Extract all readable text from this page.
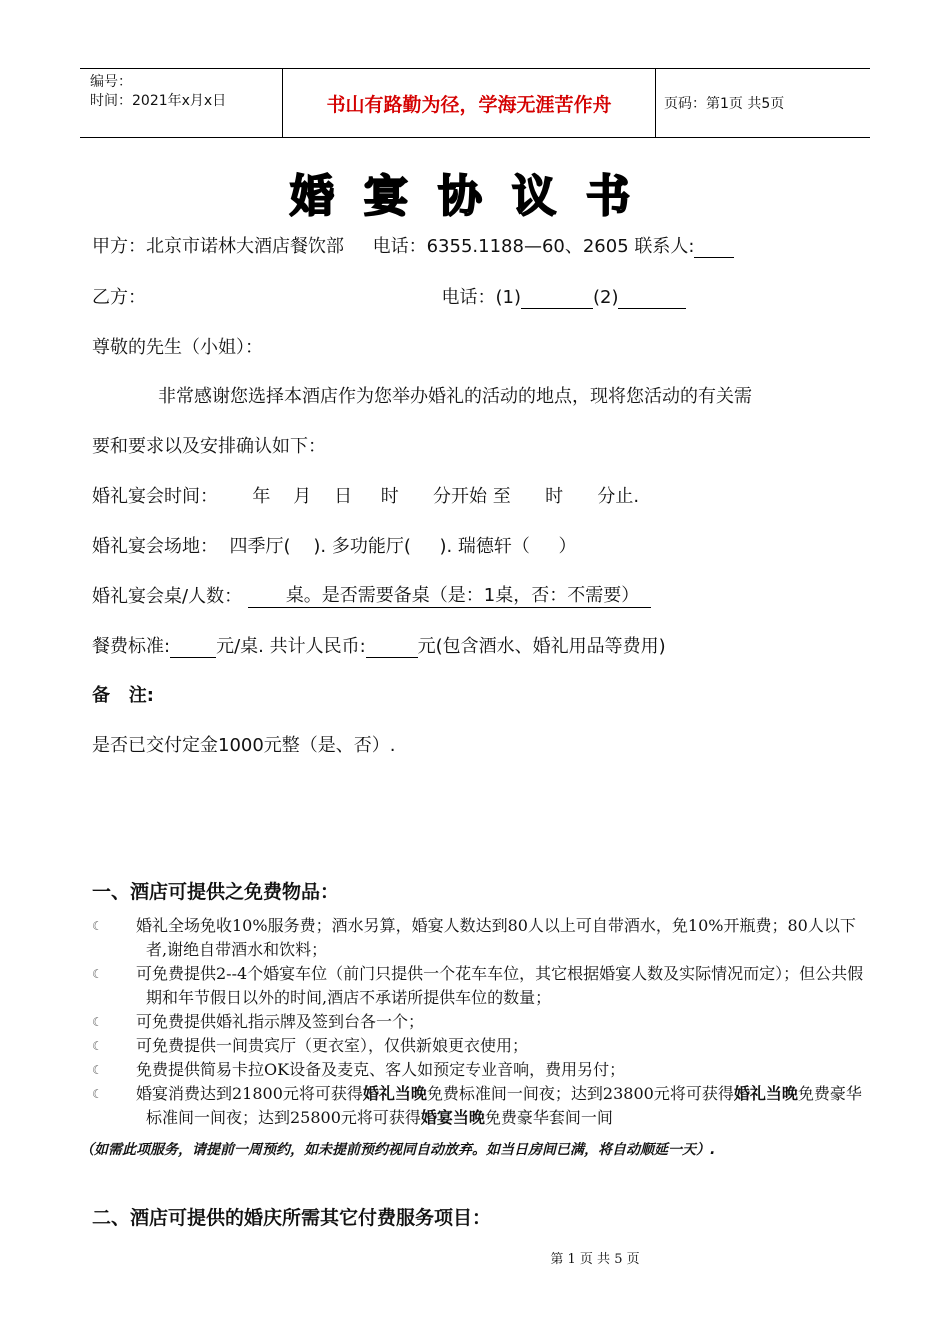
编号：
时间：2021年x月x日	书山有路勤为径，学海无涯苦作舟	页码：第1页 共5页
婚宴协议书
甲方：北京市诺林大酒店餐饮部 电话：6355.1188—60、2605 联系人:
乙方：	电话：(1)	(2)
尊敬的先生（小姐）：
非常感谢您选择本酒店作为您举办婚礼的活动的地点，现将您活动的有关需
要和要求以及安排确认如下：
婚礼宴会时间：      年    月    日     时      分开始 至      时      分止.
婚礼宴会场地：  四季厅(    ). 多功能厅(     ). 瑞德轩（     ）
婚礼宴会桌/人数： 桌。是否需要备桌（是：1桌，否：不需要）
餐费标准:	元/桌. 共计人民币:	元(包含酒水、婚礼用品等费用)
备   注:
是否已交付定金1000元整（是、否）.
一、酒店可提供之免费物品：
☾ 婚礼全场免收10%服务费；酒水另算，婚宴人数达到80人以上可自带酒水，免10%开瓶费；80人以下者,谢绝自带酒水和饮料；
☾ 可免费提供2--4个婚宴车位（前门只提供一个花车车位，其它根据婚宴人数及实际情况而定）；但公共假期和年节假日以外的时间,酒店不承诺所提供车位的数量；
☾ 可免费提供婚礼指示牌及签到台各一个；
☾ 可免费提供一间贵宾厅（更衣室），仅供新娘更衣使用；
☾ 免费提供简易卡拉OK设备及麦克、客人如预定专业音响，费用另付；
☾ 婚宴消费达到21800元将可获得婚礼当晚免费标准间一间夜；达到23800元将可获得婚礼当晚免费豪华标准间一间夜；达到25800元将可获得婚宴当晚免费豪华套间一间
（如需此项服务，请提前一周预约，如未提前预约视同自动放弃。如当日房间已满，将自动顺延一天）.
二、酒店可提供的婚庆所需其它付费服务项目：
第 1 页 共 5 页
